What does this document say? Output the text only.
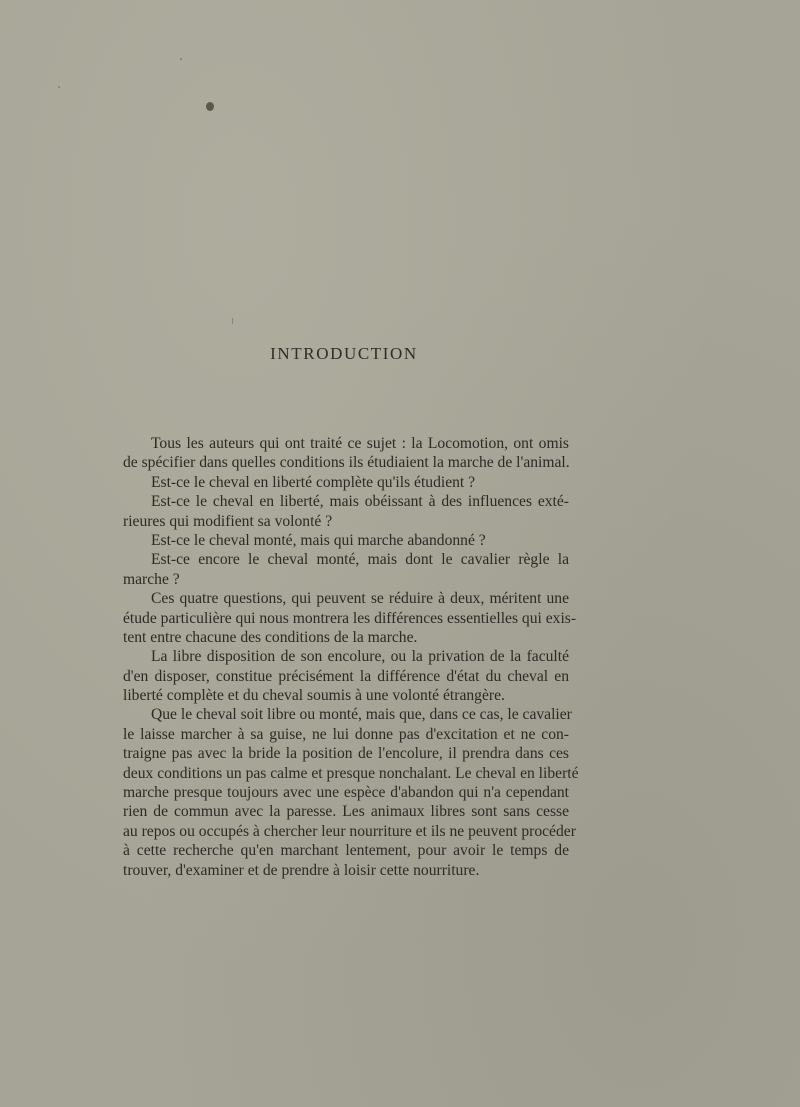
INTRODUCTION
Tous les auteurs qui ont traité ce sujet : la Locomotion, ont omis
de spécifier dans quelles conditions ils étudiaient la marche de l'animal.
Est-ce le cheval en liberté complète qu'ils étudient ?
Est-ce le cheval en liberté, mais obéissant à des influences exté-
rieures qui modifient sa volonté ?
Est-ce le cheval monté, mais qui marche abandonné ?
Est-ce encore le cheval monté, mais dont le cavalier règle la
marche ?
Ces quatre questions, qui peuvent se réduire à deux, méritent une
étude particulière qui nous montrera les différences essentielles qui exis-
tent entre chacune des conditions de la marche.
La libre disposition de son encolure, ou la privation de la faculté
d'en disposer, constitue précisément la différence d'état du cheval en
liberté complète et du cheval soumis à une volonté étrangère.
Que le cheval soit libre ou monté, mais que, dans ce cas, le cavalier
le laisse marcher à sa guise, ne lui donne pas d'excitation et ne con-
traigne pas avec la bride la position de l'encolure, il prendra dans ces
deux conditions un pas calme et presque nonchalant. Le cheval en liberté
marche presque toujours avec une espèce d'abandon qui n'a cependant
rien de commun avec la paresse. Les animaux libres sont sans cesse
au repos ou occupés à chercher leur nourriture et ils ne peuvent procéder
à cette recherche qu'en marchant lentement, pour avoir le temps de
trouver, d'examiner et de prendre à loisir cette nourriture.
